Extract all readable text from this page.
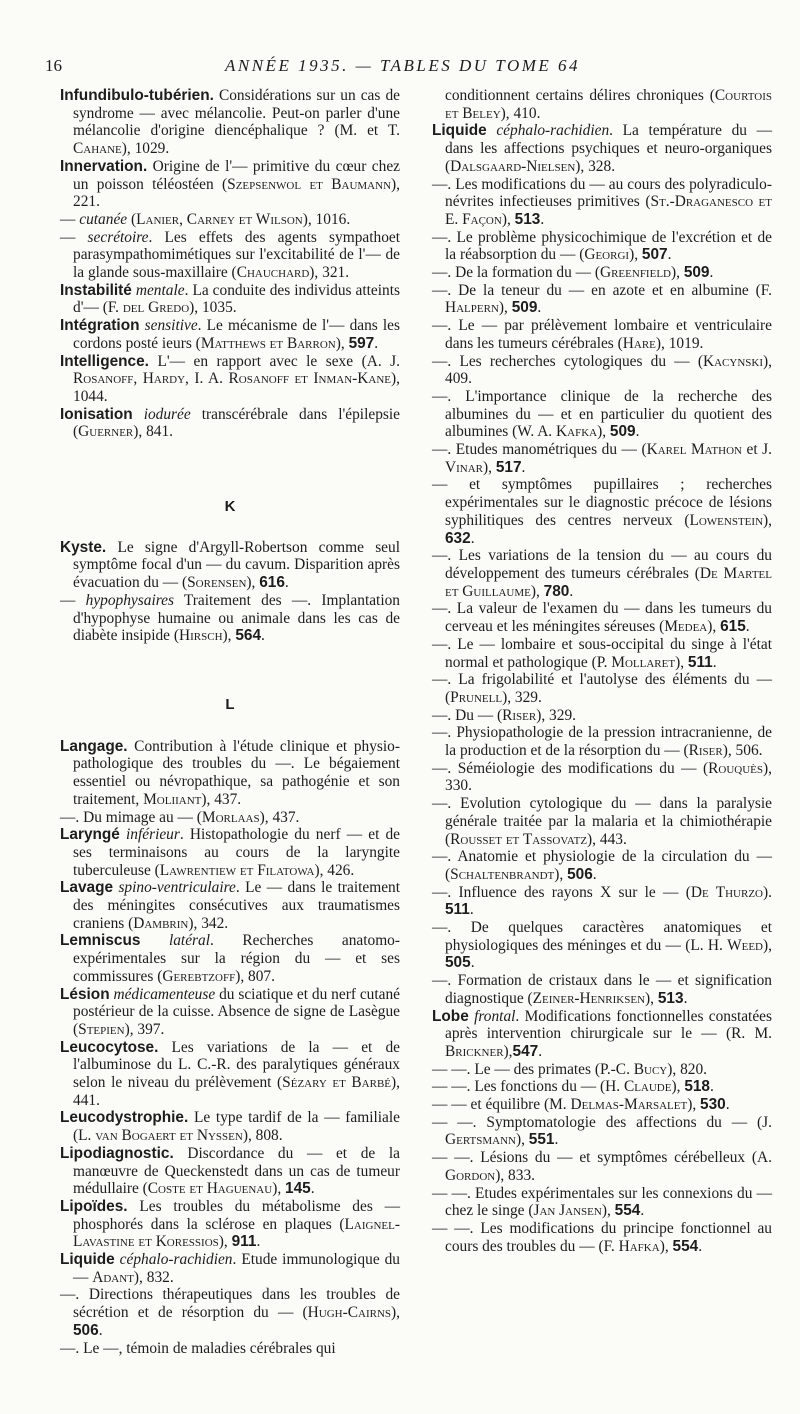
16	ANNÉE 1935. — TABLES DU TOME 64

Infundibulo-tubérien. Considérations sur un cas de syndrome — avec mélancolie. Peut-on parler d'une mélancolie d'origine diencéphalique ? (M. et T. Cahane), 1029.

Innervation. Origine de l'— primitive du cœur chez un poisson téléostéen (Szepsenwol et Baumann), 221.

— cutanée (Lanier, Carney et Wilson), 1016.

— secrétoire. Les effets des agents sympathoet parasympathomimétiques sur l'excitabilité de l'— de la glande sous-maxillaire (Chauchard), 321.

Instabilité mentale. La conduite des individus atteints d'— (F. del Gredo), 1035.

Intégration sensitive. Le mécanisme de l'— dans les cordons posté ieurs (Matthews et Barron), 597.

Intelligence. L'— en rapport avec le sexe (A. J. Rosanoff, Hardy, I. A. Rosanoff et Inman-Kane), 1044.

Ionisation iodurée transcérébrale dans l'épilepsie (Guerner), 841.

K

Kyste. Le signe d'Argyll-Robertson comme seul symptôme focal d'un — du cavum. Disparition après évacuation du — (Sorensen), 616.

— hypophysaires Traitement des —. Implantation d'hypophyse humaine ou animale dans les cas de diabète insipide (Hirsch), 564.

L

Langage. Contribution à l'étude clinique et physio-pathologique des troubles du —. Le bégaiement essentiel ou névropathique, sa pathogénie et son traitement, Moliiant), 437.

—. Du mimage au — (Morlaas), 437.

Laryngé inférieur. Histopathologie du nerf — et de ses terminaisons au cours de la laryngite tuberculeuse (Lawrentiew et Filatowa), 426.

Lavage spino-ventriculaire. Le — dans le traitement des méningites consécutives aux traumatismes craniens (Dambrin), 342.

Lemniscus latéral. Recherches anatomo-expérimentales sur la région du — et ses commissures (Gerebtzoff), 807.

Lésion médicamenteuse du sciatique et du nerf cutané postérieur de la cuisse. Absence de signe de Lasègue (Stepien), 397.

Leucocytose. Les variations de la — et de l'albuminose du L. C.-R. des paralytiques généraux selon le niveau du prélèvement (Sézary et Barbé), 441.

Leucodystrophie. Le type tardif de la — familiale (L. van Bogaert et Nyssen), 808.

Lipodiagnostic. Discordance du — et de la manœuvre de Queckenstedt dans un cas de tumeur médullaire (Coste et Haguenau), 145.

Lipoïdes. Les troubles du métabolisme des — phosphorés dans la sclérose en plaques (Laignel-Lavastine et Koressios), 911.

Liquide céphalo-rachidien. Etude immunologique du — Adant), 832.

—. Directions thérapeutiques dans les troubles de sécrétion et de résorption du — (Hugh-Cairns), 506.

—. Le —, témoin de maladies cérébrales qui

conditionnent certains délires chroniques (Courtois et Beley), 410.

Liquide céphalo-rachidien. La température du — dans les affections psychiques et neuro-organiques (Dalsgaard-Nielsen), 328.

—. Les modifications du — au cours des polyradiculo-névrites infectieuses primitives (St.-Draganesco et E. Façon), 513.

—. Le problème physicochimique de l'excrétion et de la réabsorption du — (Georgi), 507.

—. De la formation du — (Greenfield), 509.

—. De la teneur du — en azote et en albumine (F. Halpern), 509.

—. Le — par prélèvement lombaire et ventriculaire dans les tumeurs cérébrales (Hare), 1019.

—. Les recherches cytologiques du — (Kacynski), 409.

—. L'importance clinique de la recherche des albumines du — et en particulier du quotient des albumines (W. A. Kafka), 509.

—. Etudes manométriques du — (Karel Mathon et J. Vinar), 517.

— et symptômes pupillaires ; recherches expérimentales sur le diagnostic précoce de lésions syphilitiques des centres nerveux (Lowenstein), 632.

—. Les variations de la tension du — au cours du développement des tumeurs cérébrales (De Martel et Guillaume), 780.

—. La valeur de l'examen du — dans les tumeurs du cerveau et les méningites séreuses (Medea), 615.

—. Le — lombaire et sous-occipital du singe à l'état normal et pathologique (P. Mollaret), 511.

—. La frigolabilité et l'autolyse des éléments du — (Prunell), 329.

—. Du — (Riser), 329.

—. Physiopathologie de la pression intracranienne, de la production et de la résorption du — (Riser), 506.

—. Séméiologie des modifications du — (Rouquès), 330.

—. Evolution cytologique du — dans la paralysie générale traitée par la malaria et la chimiothérapie (Rousset et Tassovatz), 443.

—. Anatomie et physiologie de la circulation du — (Schaltenbrandt), 506.

—. Influence des rayons X sur le — (De Thurzo). 511.

—. De quelques caractères anatomiques et physiologiques des méninges et du — (L. H. Weed), 505.

—. Formation de cristaux dans le — et signification diagnostique (Zeiner-Henriksen), 513.

Lobe frontal. Modifications fonctionnelles constatées après intervention chirurgicale sur le — (R. M. Brickner),547.

— —. Le — des primates (P.-C. Bucy), 820.

— —. Les fonctions du — (H. Claude), 518.

— — et équilibre (M. Delmas-Marsalet), 530.

— —. Symptomatologie des affections du — (J. Gertsmann), 551.

— —. Lésions du — et symptômes cérébelleux (A. Gordon), 833.

— —. Etudes expérimentales sur les connexions du — chez le singe (Jan Jansen), 554.

— —. Les modifications du principe fonctionnel au cours des troubles du — (F. Hafka), 554.
